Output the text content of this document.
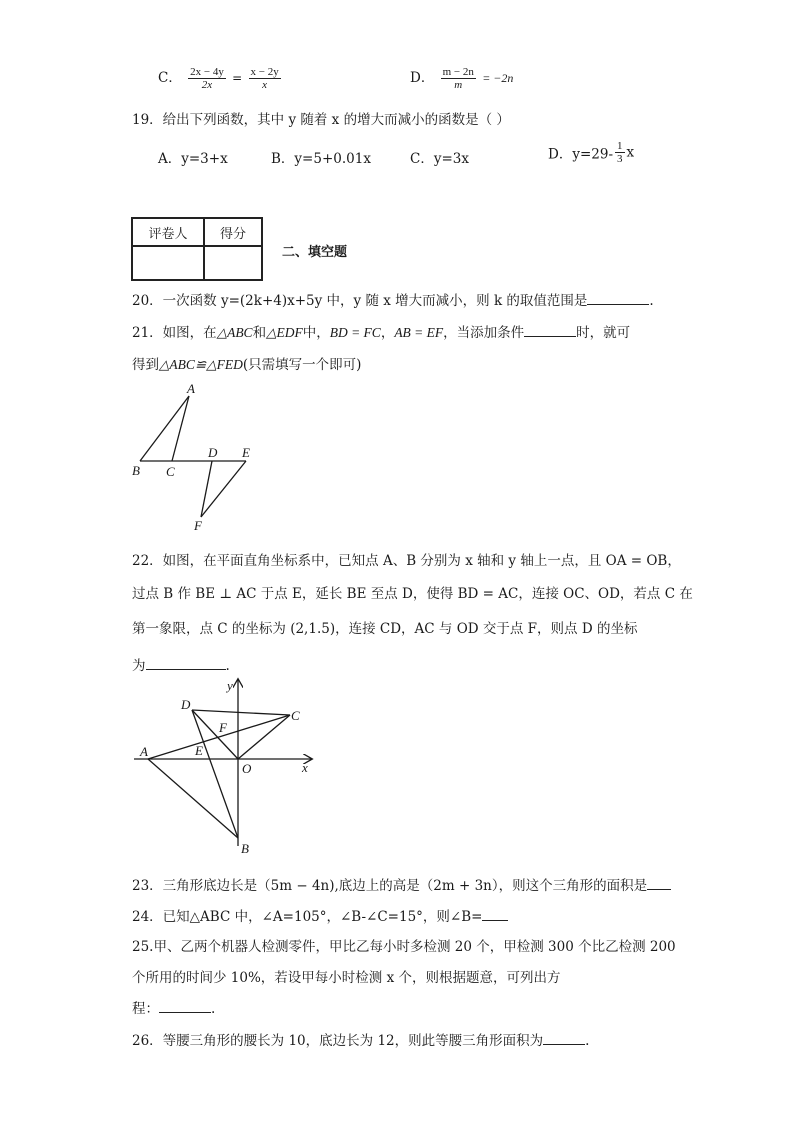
C． $\frac{2x - 4y}{2x} = \frac{x - 2y}{x}$	D． $\frac{m - 2n}{m} = -2n$
19．给出下列函数，其中 y 随着 x 的增大而减小的函数是（ ）
A．y=3+x	B．y=5+0.01x	C．y=3x	D．$y=29- \frac{1}{3}$ x
评卷人	得分

二、填空题
20．一次函数 y=(2k+4)x+5y 中，y 随 x 增大而减小，则 k 的取值范围是	.
21．如图，在△ABC和△EDF中，BD = FC，AB = EF，当添加条件	时，就可
得到△ABC≌△FED(只需填写一个即可)
A
B C
D E
F
22．如图，在平面直角坐标系中，已知点 A、B 分别为 x 轴和 y 轴上一点，且 OA = OB，
过点 B 作 BE ⊥ AC 于点 E，延长 BE 至点 D，使得 BD = AC，连接 OC、OD，若点 C 在
第一象限，点 C 的坐标为 (2,1.5)，连接 CD，AC 与 OD 交于点 F，则点 D 的坐标
为	.
y
x
D
C
F
A	E
O
B
23．三角形底边长是（5m − 4n),底边上的高是（2m + 3n），则这个三角形的面积是
24．已知△ABC 中，∠A=105°，∠B-∠C=15°，则∠B=
25.甲、乙两个机器人检测零件，甲比乙每小时多检测 20 个，甲检测 300 个比乙检测 200
个所用的时间少 10%，若设甲每小时检测 x 个，则根据题意，可列出方
程：	.
26．等腰三角形的腰长为 10，底边长为 12，则此等腰三角形面积为	.
